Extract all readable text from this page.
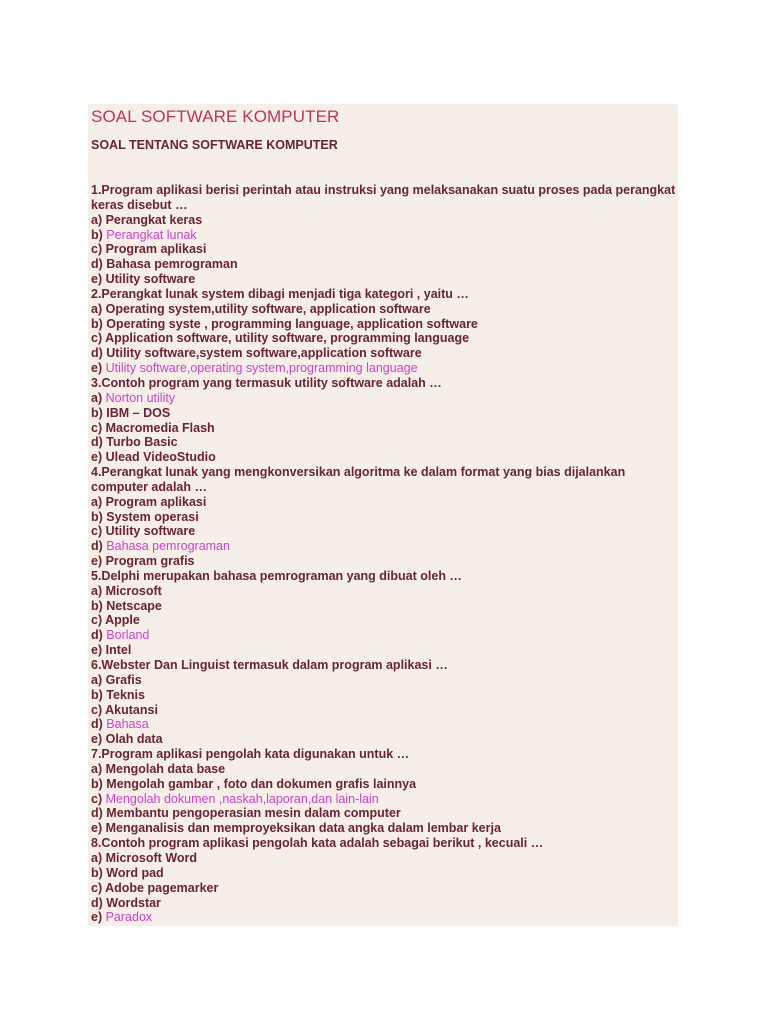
SOAL SOFTWARE KOMPUTER
SOAL TENTANG SOFTWARE KOMPUTER
1.Program aplikasi berisi perintah atau instruksi yang melaksanakan suatu proses pada perangkat
keras disebut …
a) Perangkat keras
b) Perangkat lunak
c) Program aplikasi
d) Bahasa pemrograman
e) Utility software
2.Perangkat lunak system dibagi menjadi tiga kategori , yaitu …
a) Operating system,utility software, application software
b) Operating syste , programming language, application software
c) Application software, utility software, programming language
d) Utility software,system software,application software
e) Utility software,operating system,programming language
3.Contoh program yang termasuk utility software adalah …
a) Norton utility
b) IBM – DOS
c) Macromedia Flash
d) Turbo Basic
e) Ulead VideoStudio
4.Perangkat lunak yang mengkonversikan algoritma ke dalam format yang bias dijalankan
computer adalah …
a) Program aplikasi
b) System operasi
c) Utility software
d) Bahasa pemrograman
e) Program grafis
5.Delphi merupakan bahasa pemrograman yang dibuat oleh …
a) Microsoft
b) Netscape
c) Apple
d) Borland
e) Intel
6.Webster Dan Linguist termasuk dalam program aplikasi …
a) Grafis
b) Teknis
c) Akutansi
d) Bahasa
e) Olah data
7.Program aplikasi pengolah kata digunakan untuk …
a) Mengolah data base
b) Mengolah gambar , foto dan dokumen grafis lainnya
c) Mengolah dokumen ,naskah,laporan,dan lain-lain
d) Membantu pengoperasian mesin dalam computer
e) Menganalisis dan memproyeksikan data angka dalam lembar kerja
8.Contoh program aplikasi pengolah kata adalah sebagai berikut , kecuali …
a) Microsoft Word
b) Word pad
c) Adobe pagemarker
d) Wordstar
e) Paradox
